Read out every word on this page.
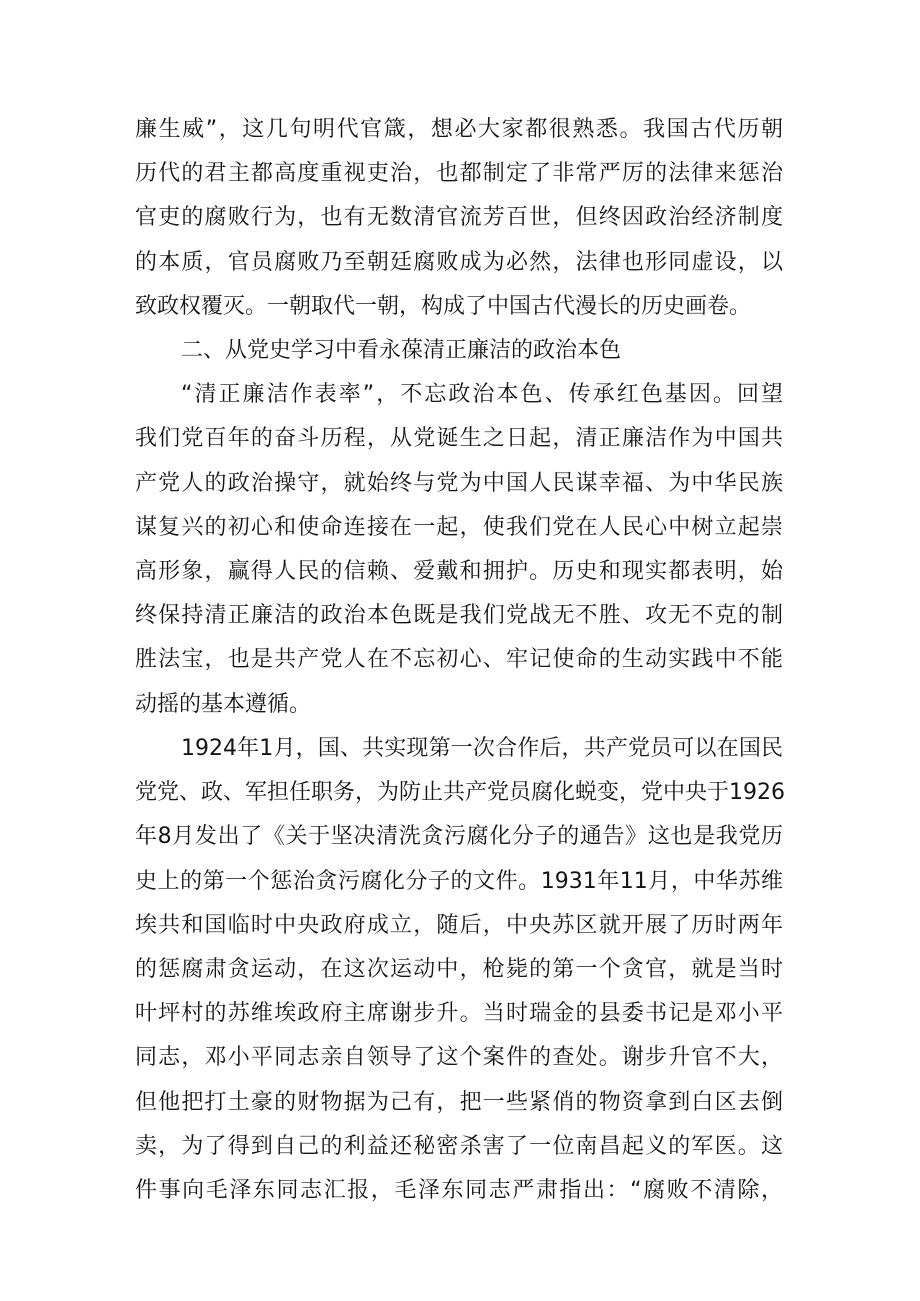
廉生威”，这几句明代官箴，想必大家都很熟悉。我国古代历朝
历代的君主都高度重视吏治，也都制定了非常严厉的法律来惩治
官吏的腐败行为，也有无数清官流芳百世，但终因政治经济制度
的本质，官员腐败乃至朝廷腐败成为必然，法律也形同虚设，以
致政权覆灭。一朝取代一朝，构成了中国古代漫长的历史画卷。
二、从党史学习中看永葆清正廉洁的政治本色
“清正廉洁作表率”，不忘政治本色、传承红色基因。回望
我们党百年的奋斗历程，从党诞生之日起，清正廉洁作为中国共
产党人的政治操守，就始终与党为中国人民谋幸福、为中华民族
谋复兴的初心和使命连接在一起，使我们党在人民心中树立起崇
高形象，赢得人民的信赖、爱戴和拥护。历史和现实都表明，始
终保持清正廉洁的政治本色既是我们党战无不胜、攻无不克的制
胜法宝，也是共产党人在不忘初心、牢记使命的生动实践中不能
动摇的基本遵循。
1924年1月，国、共实现第一次合作后，共产党员可以在国民
党党、政、军担任职务，为防止共产党员腐化蜕变，党中央于1926
年8月发出了《关于坚决清洗贪污腐化分子的通告》这也是我党历
史上的第一个惩治贪污腐化分子的文件。1931年11月，中华苏维
埃共和国临时中央政府成立，随后，中央苏区就开展了历时两年
的惩腐肃贪运动，在这次运动中，枪毙的第一个贪官，就是当时
叶坪村的苏维埃政府主席谢步升。当时瑞金的县委书记是邓小平
同志，邓小平同志亲自领导了这个案件的查处。谢步升官不大，
但他把打土豪的财物据为己有，把一些紧俏的物资拿到白区去倒
卖，为了得到自己的利益还秘密杀害了一位南昌起义的军医。这
件事向毛泽东同志汇报，毛泽东同志严肃指出：“腐败不清除，
